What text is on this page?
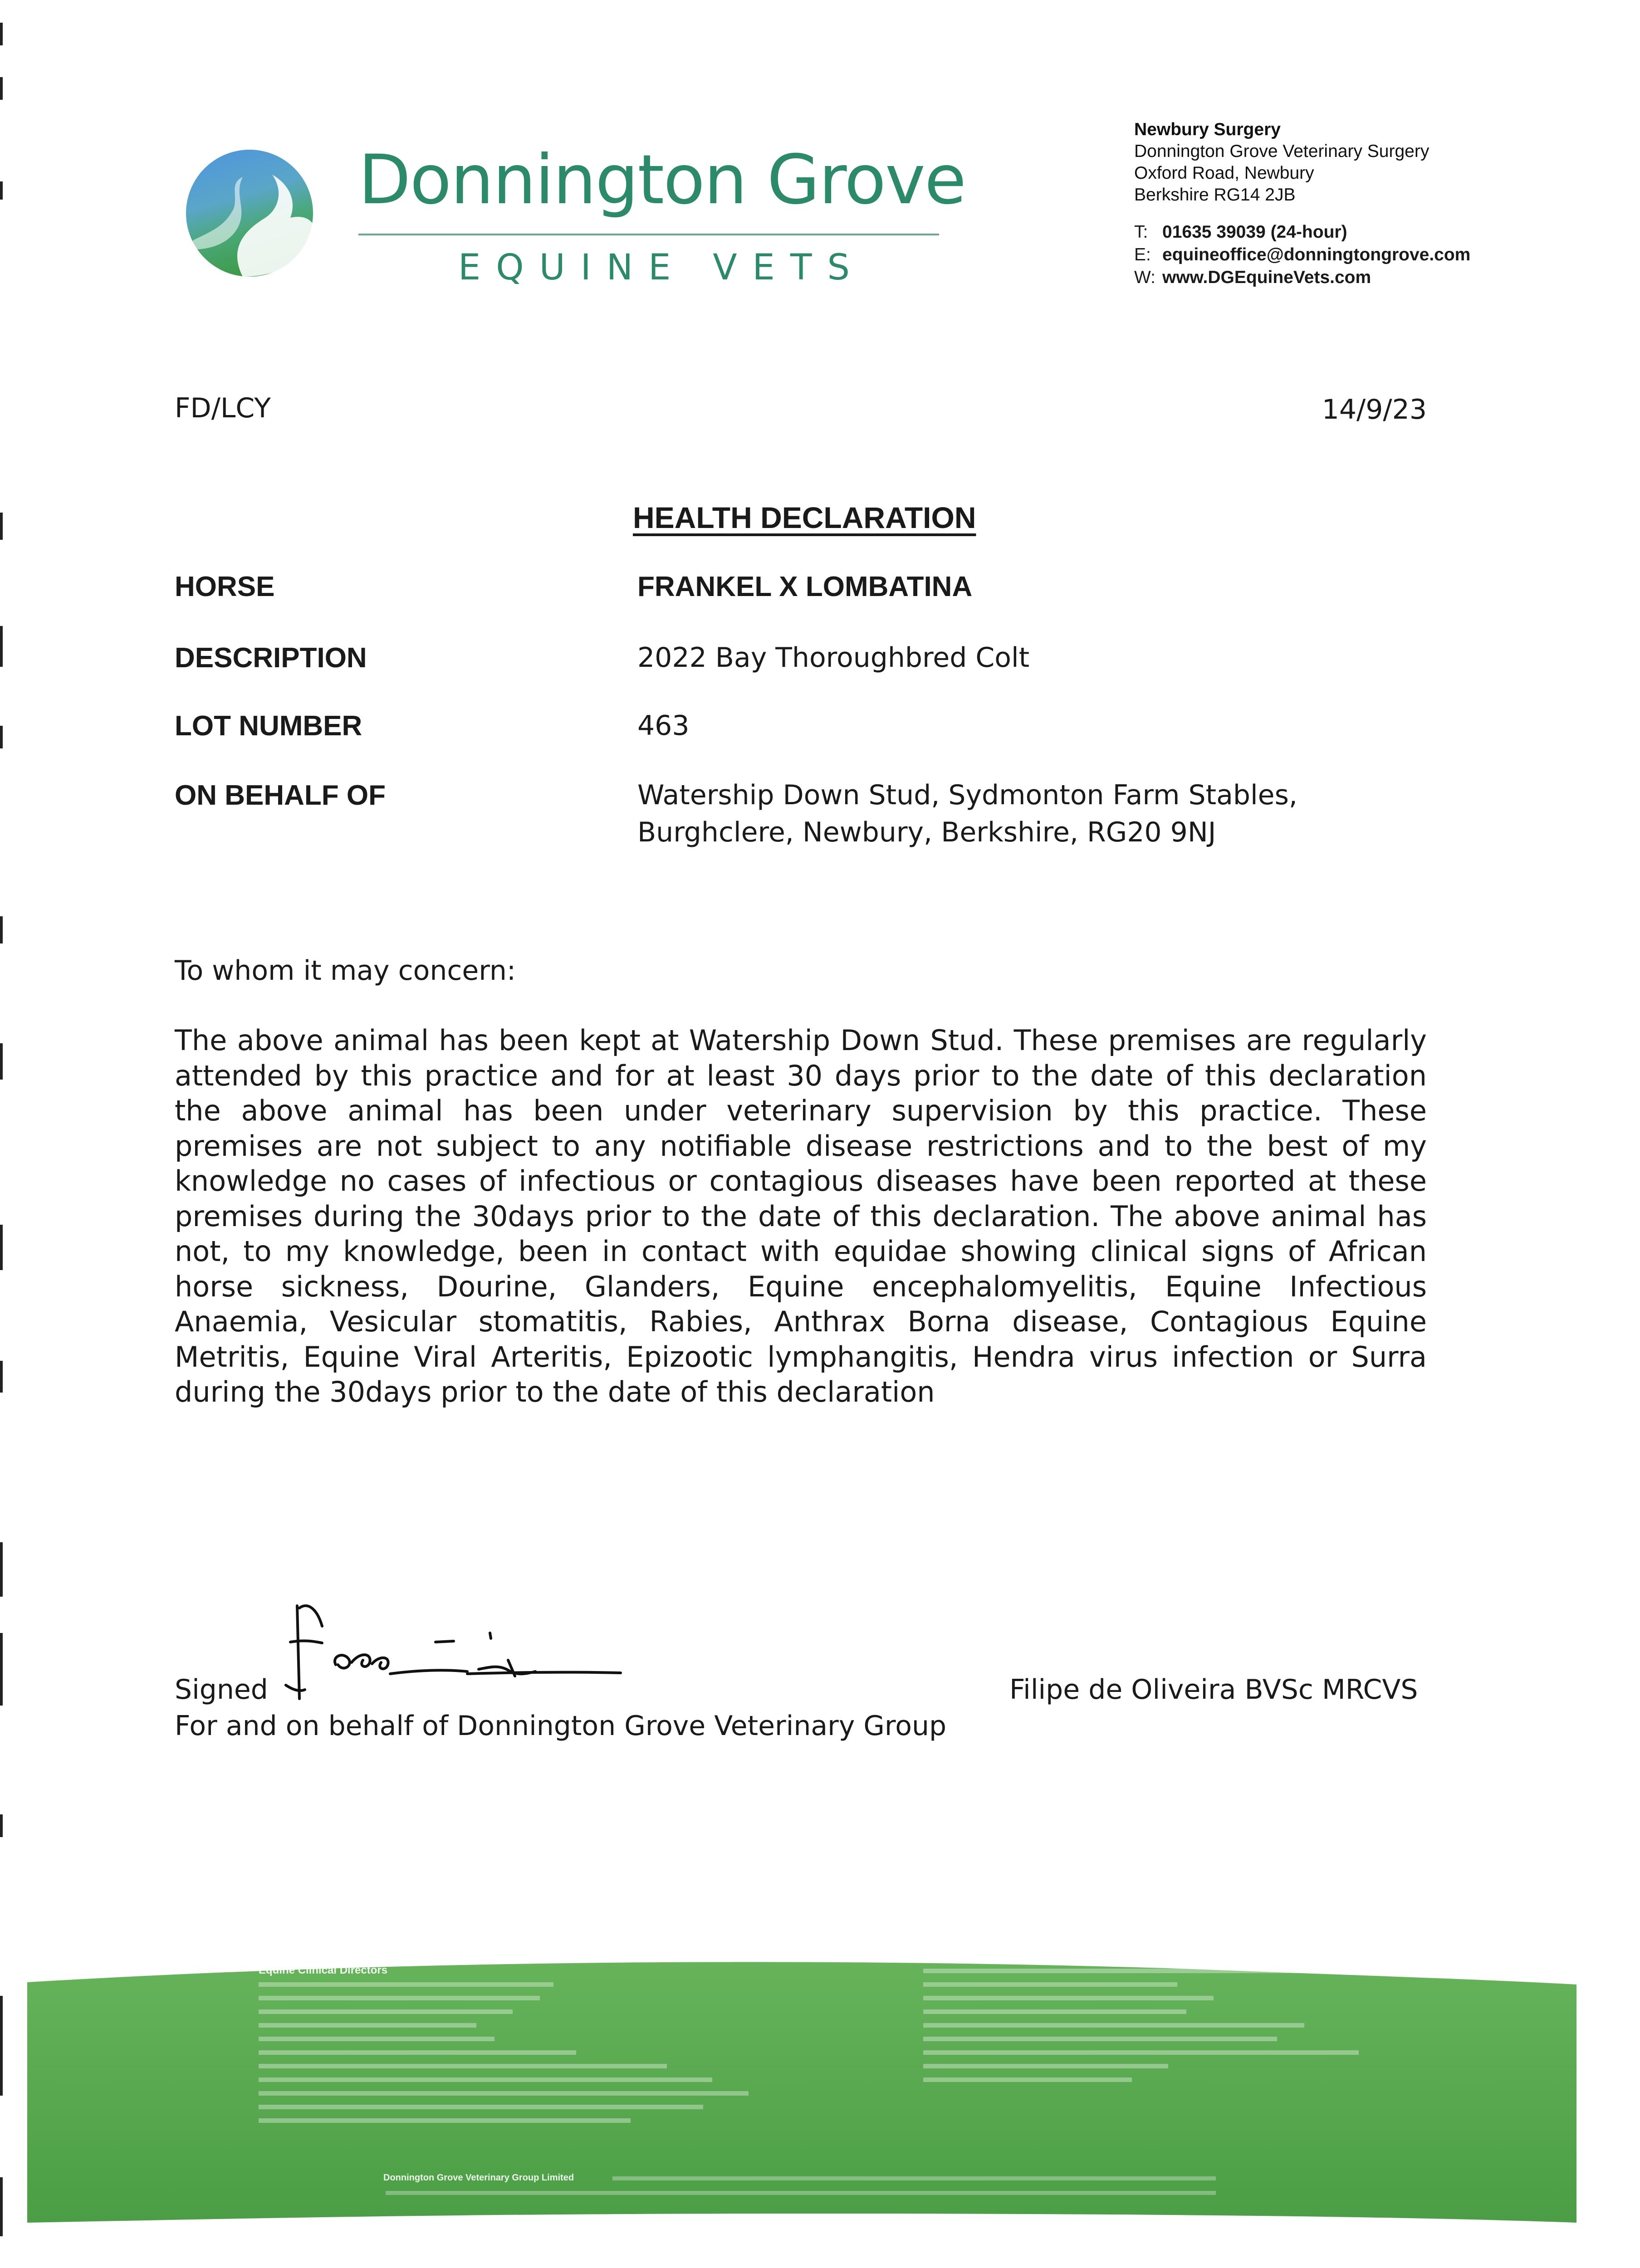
Donnington Grove
EQUINE VETS
Newbury Surgery
Donnington Grove Veterinary Surgery
Oxford Road, Newbury
Berkshire RG14 2JB
T: 01635 39039 (24-hour)
E: equineoffice@donningtongrove.com
W: www.DGEquineVets.com
FD/LCY	14/9/23
HEALTH DECLARATION
HORSE	FRANKEL X LOMBATINA
DESCRIPTION	2022 Bay Thoroughbred Colt
LOT NUMBER	463
ON BEHALF OF	Watership Down Stud, Sydmonton Farm Stables,
Burghclere, Newbury, Berkshire, RG20 9NJ
To whom it may concern:
The above animal has been kept at Watership Down Stud. These premises are regularly attended by this practice and for at least 30 days prior to the date of this declaration the above animal has been under veterinary supervision by this practice. These premises are not subject to any notifiable disease restrictions and to the best of my knowledge no cases of infectious or contagious diseases have been reported at these premises during the 30days prior to the date of this declaration. The above animal has not, to my knowledge, been in contact with equidae showing clinical signs of African horse sickness, Dourine, Glanders, Equine encephalomyelitis, Equine Infectious Anaemia, Vesicular stomatitis, Rabies, Anthrax Borna disease, Contagious Equine Metritis, Equine Viral Arteritis, Epizootic lymphangitis, Hendra virus infection or Surra during the 30days prior to the date of this declaration
Signed	Filipe de Oliveira BVSc MRCVS
For and on behalf of Donnington Grove Veterinary Group
Equine Clinical Directors
Associates
Donnington Grove Veterinary Group Limited
